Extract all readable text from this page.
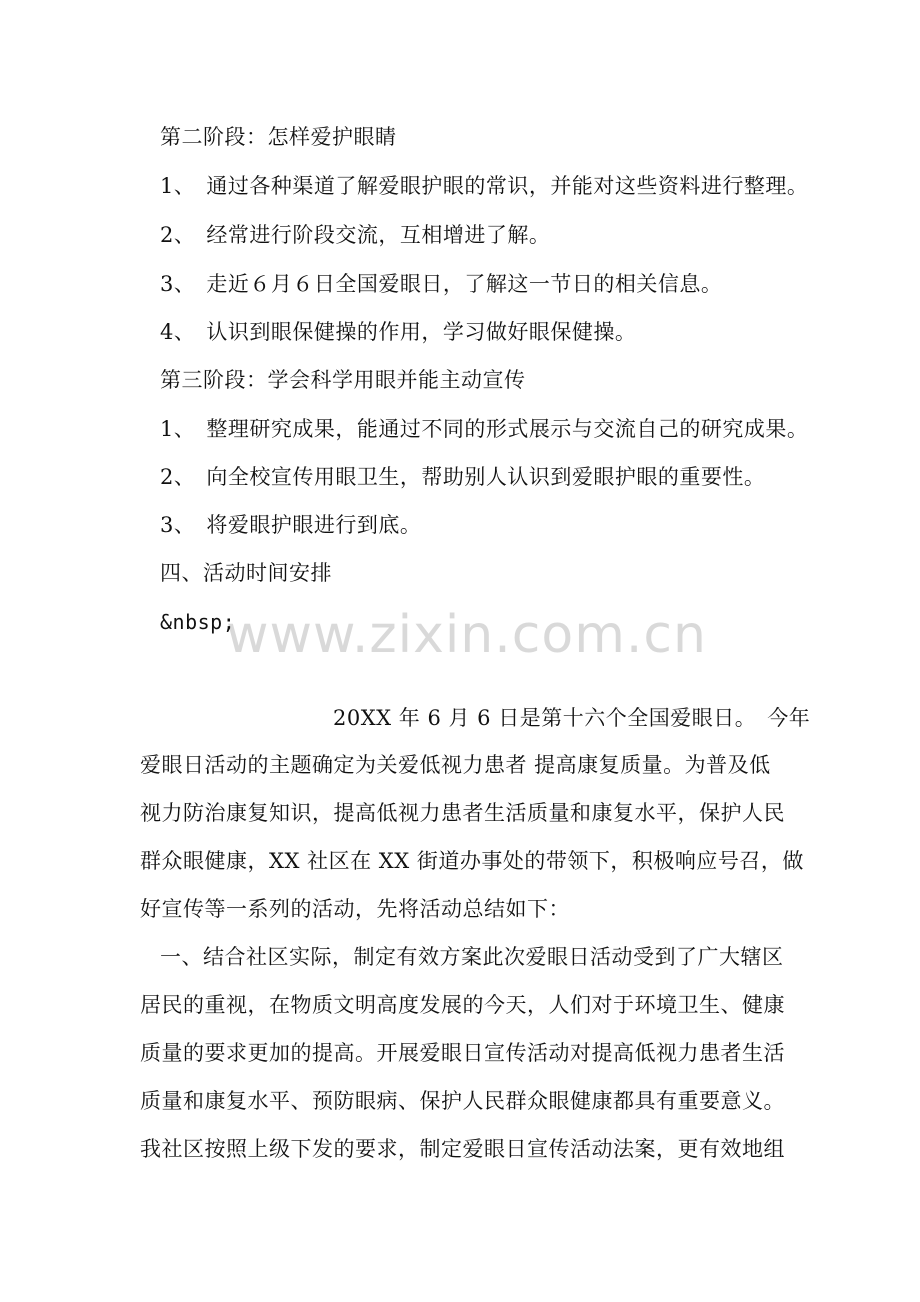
www.zixin.com.cn
第二阶段：怎样爱护眼睛
1、　通过各种渠道了解爱眼护眼的常识，并能对这些资料进行整理。
2、　经常进行阶段交流，互相增进了解。
3、　走近６月６日全国爱眼日，了解这一节日的相关信息。
4、　认识到眼保健操的作用，学习做好眼保健操。
第三阶段：学会科学用眼并能主动宣传
1、　整理研究成果，能通过不同的形式展示与交流自己的研究成果。
2、　向全校宣传用眼卫生，帮助别人认识到爱眼护眼的重要性。
3、　将爱眼护眼进行到底。
四、活动时间安排
&nbsp;
20XX 年 6 月 6 日是第十六个全国爱眼日。　今年
爱眼日活动的主题确定为关爱低视力患者 提高康复质量。为普及低
视力防治康复知识，提高低视力患者生活质量和康复水平，保护人民
群众眼健康，XX 社区在 XX 街道办事处的带领下，积极响应号召，做
好宣传等一系列的活动，先将活动总结如下：
一、结合社区实际，制定有效方案此次爱眼日活动受到了广大辖区
居民的重视，在物质文明高度发展的今天，人们对于环境卫生、健康
质量的要求更加的提高。开展爱眼日宣传活动对提高低视力患者生活
质量和康复水平、预防眼病、保护人民群众眼健康都具有重要意义。
我社区按照上级下发的要求，制定爱眼日宣传活动法案，更有效地组
